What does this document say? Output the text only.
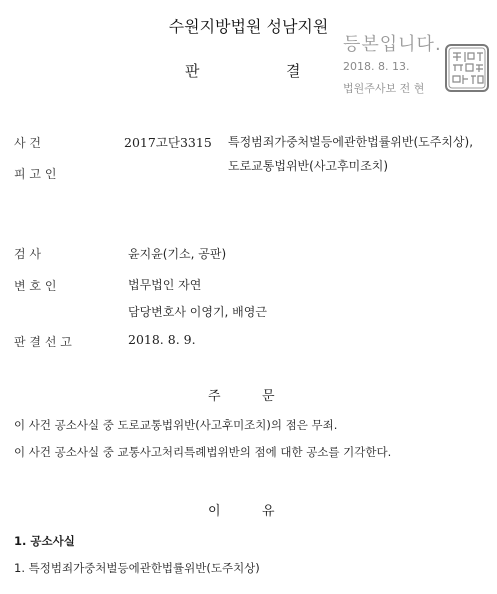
수원지방법원 성남지원
판	결
등본입니다.
2018. 8. 13.
법원주사보 전 현
사 건	2017고단3315 특정범죄가중처벌등에관한법률위반(도주치상),
도로교통법위반(사고후미조치)
피 고 인
검 사	윤지윤(기소, 공판)
변 호 인	법무법인 자연
담당변호사 이영기, 배영근
판 결 선 고	2018. 8. 9.
주	문
이 사건 공소사실 중 도로교통법위반(사고후미조치)의 점은 무죄.
이 사건 공소사실 중 교통사고처리특례법위반의 점에 대한 공소를 기각한다.
이	유
1. 공소사실
1. 특정범죄가중처벌등에관한법률위반(도주치상)
